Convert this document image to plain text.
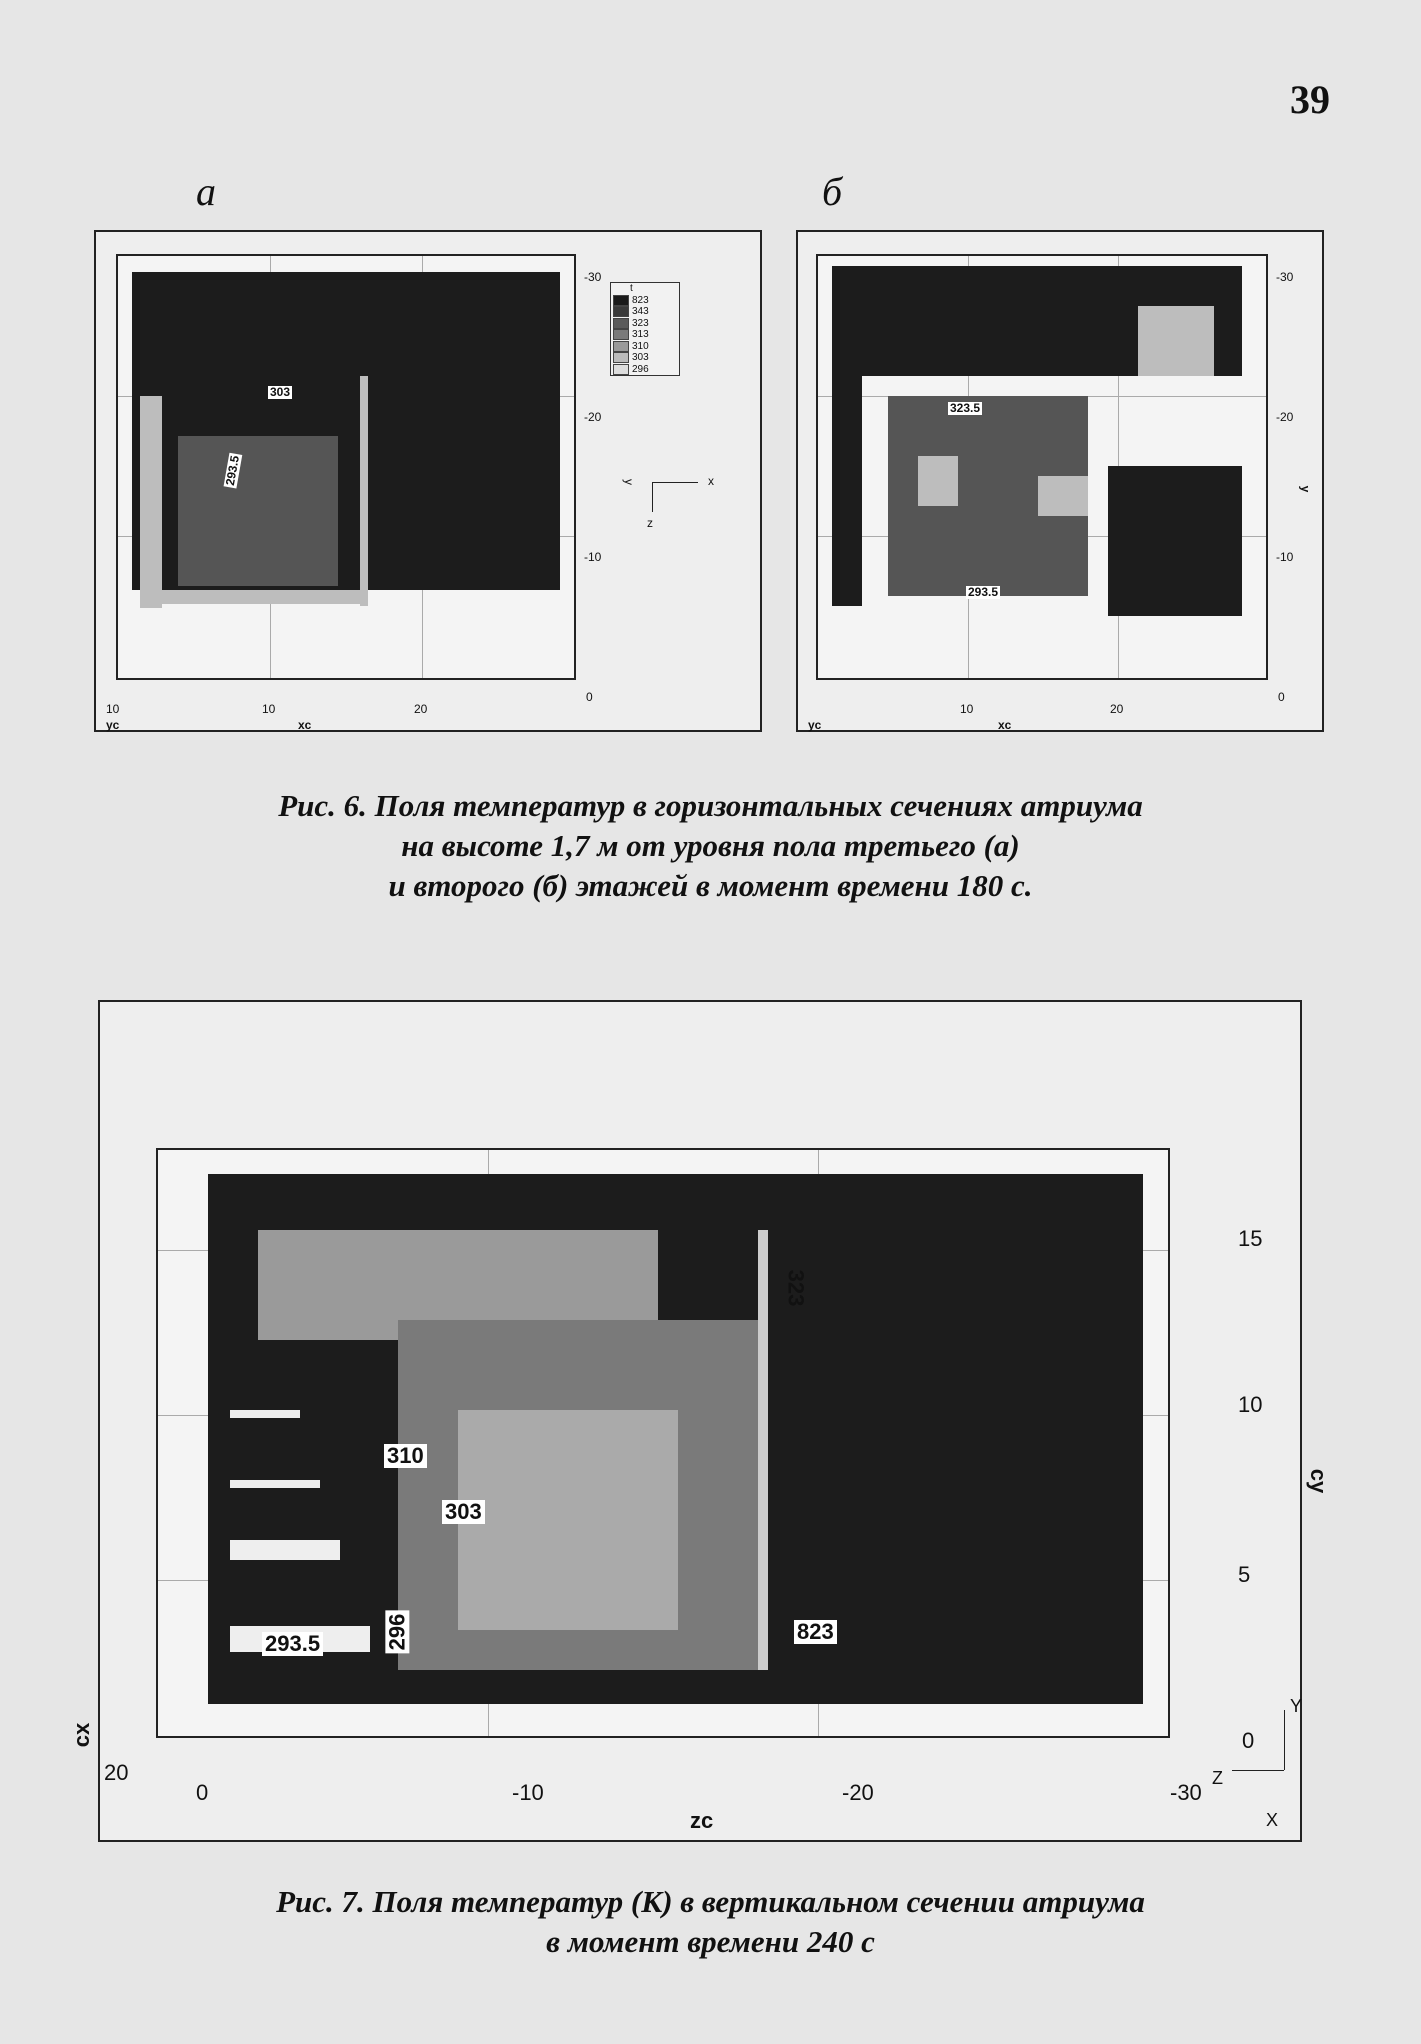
39
а	б
303
293.5
-30
-20
-10
0
10	10	20
yc	xc
t
823
343
323
313
310
303
296
y	x
z
323.5
293.5
-30
-20
-10
0
y
10	20
yc	xc
Рис. 6. Поля температур в горизонтальных сечениях атриума
на высоте 1,7 м от уровня пола третьего (а)
и второго (б) этажей в момент времени 180 с.
323
310
303
293.5	296	823
15
10
5
0
cy
20
0	-10	-20	-30
cx
zc
Y
Z
X
Рис. 7. Поля температур (К) в вертикальном сечении атриума
в момент времени 240 с
